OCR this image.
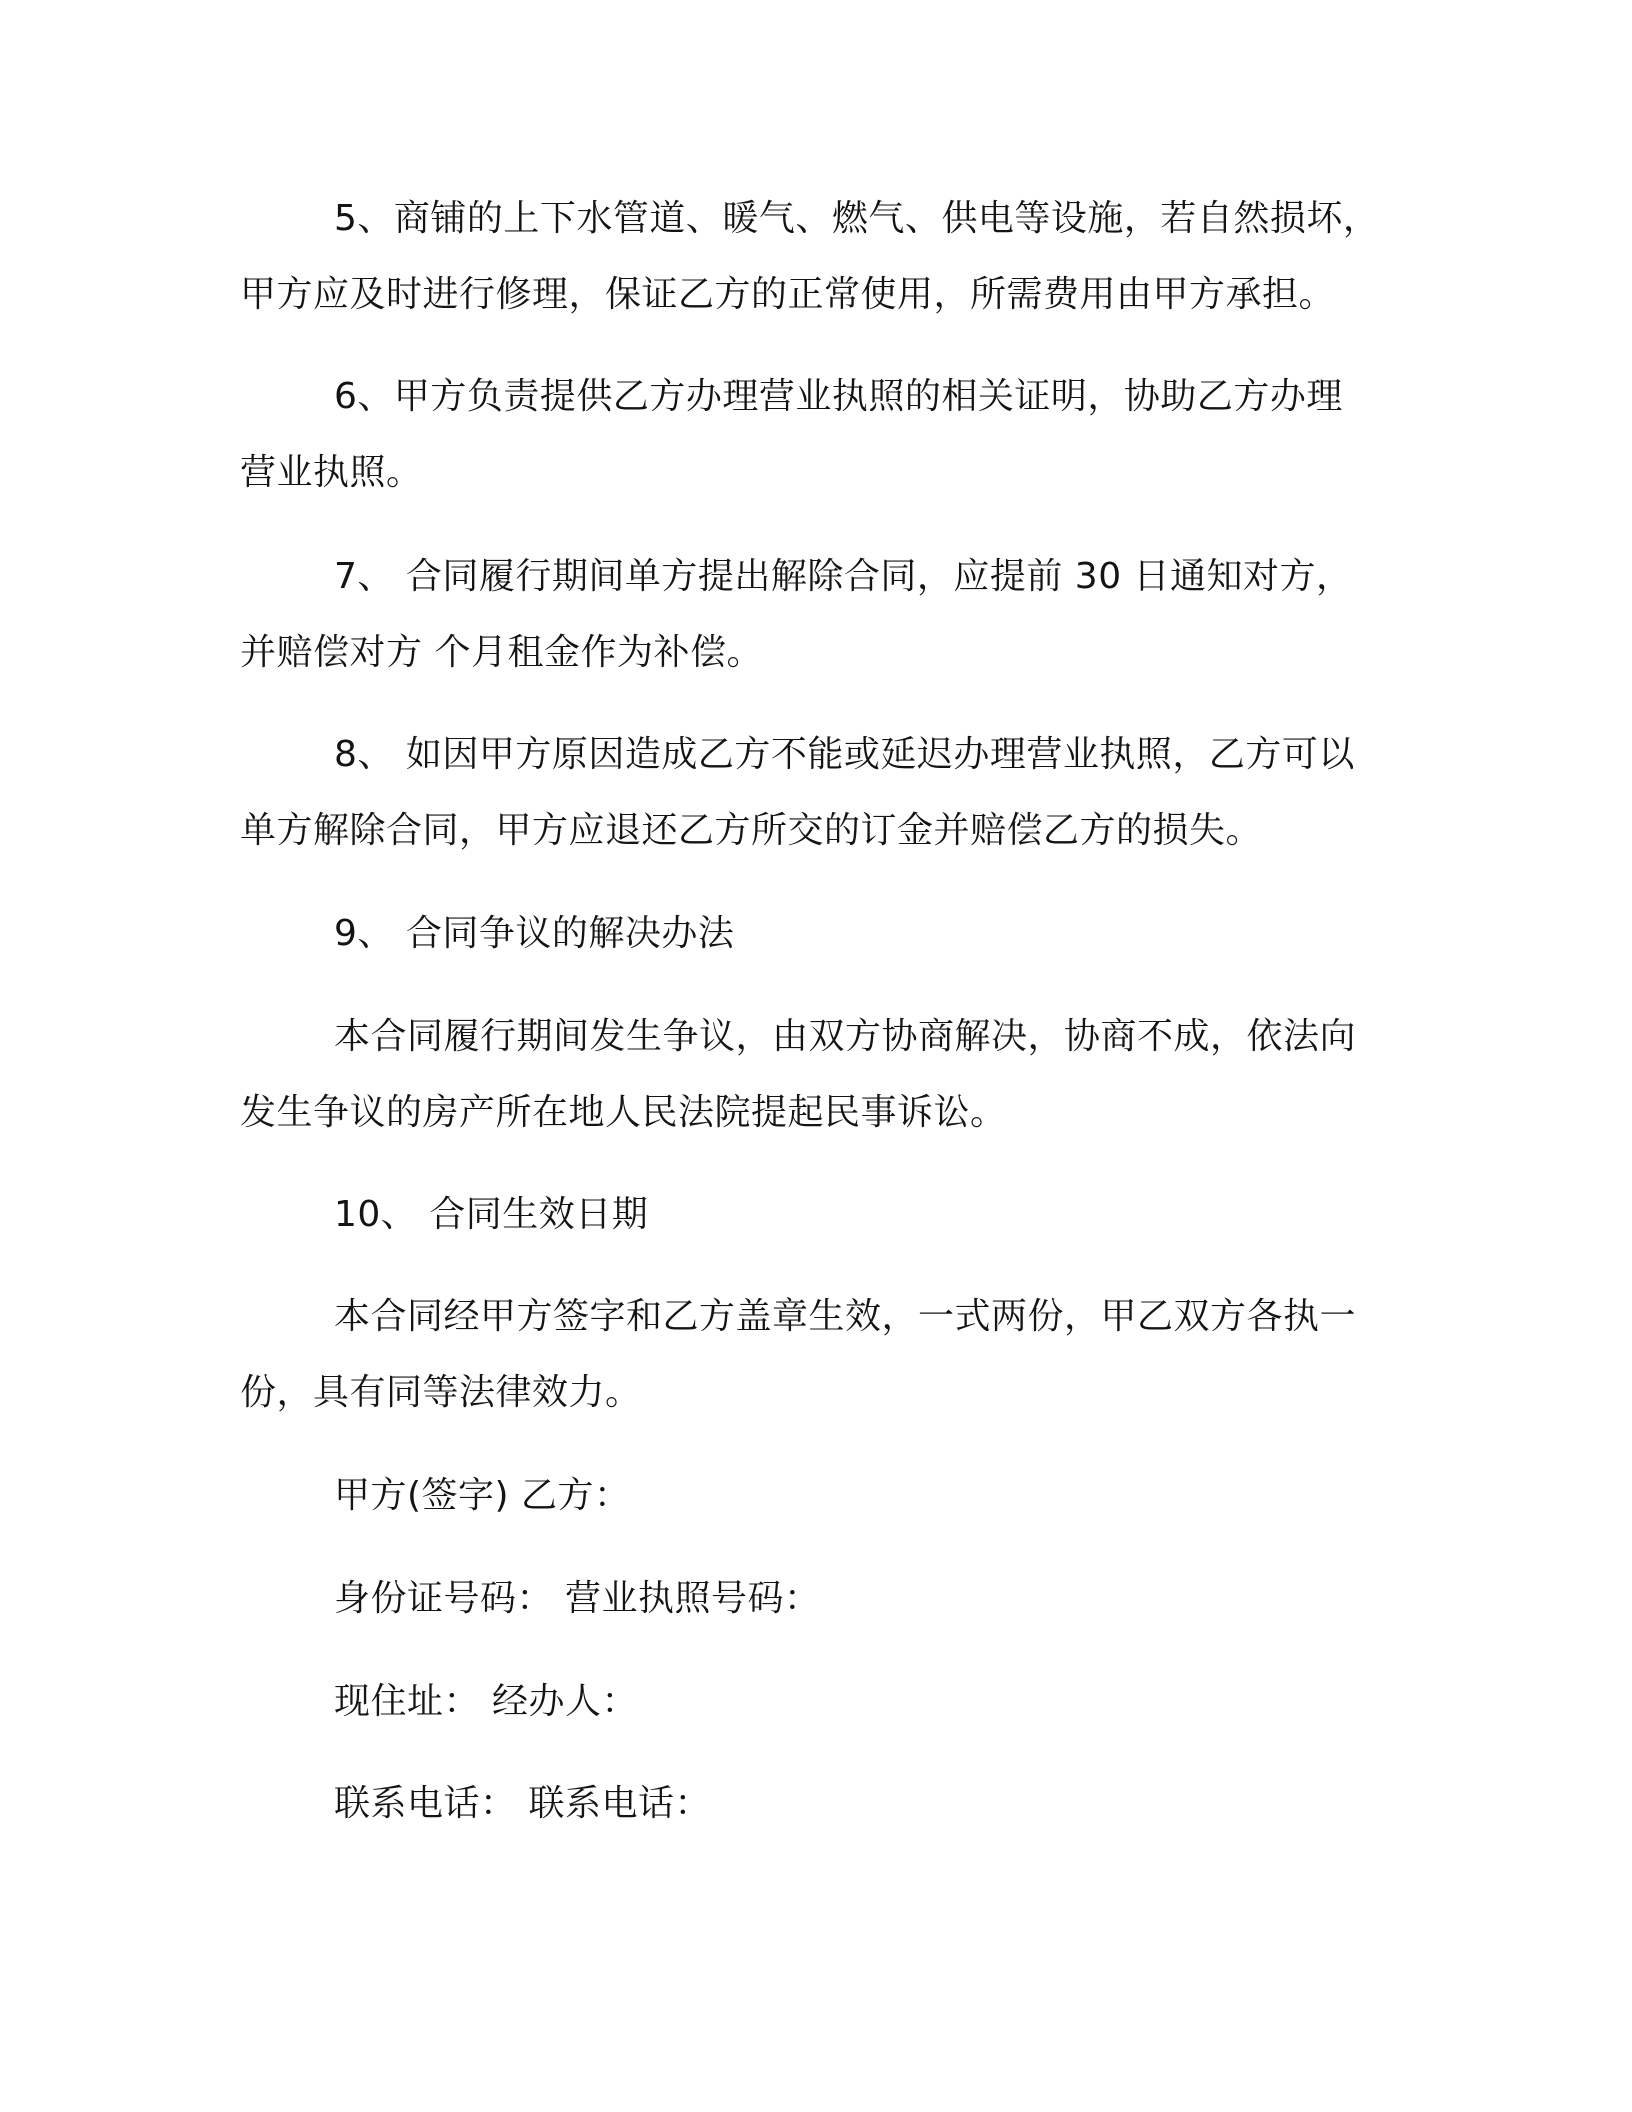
5、商铺的上下水管道、暖气、燃气、供电等设施，若自然损坏，
甲方应及时进行修理，保证乙方的正常使用，所需费用由甲方承担。
6、甲方负责提供乙方办理营业执照的相关证明，协助乙方办理
营业执照。
7、 合同履行期间单方提出解除合同，应提前 30 日通知对方，
并赔偿对方 个月租金作为补偿。
8、 如因甲方原因造成乙方不能或延迟办理营业执照，乙方可以
单方解除合同，甲方应退还乙方所交的订金并赔偿乙方的损失。
9、 合同争议的解决办法
本合同履行期间发生争议，由双方协商解决，协商不成，依法向
发生争议的房产所在地人民法院提起民事诉讼。
10、 合同生效日期
本合同经甲方签字和乙方盖章生效，一式两份，甲乙双方各执一
份，具有同等法律效力。
甲方(签字) 乙方：
身份证号码： 营业执照号码：
现住址： 经办人：
联系电话： 联系电话：
